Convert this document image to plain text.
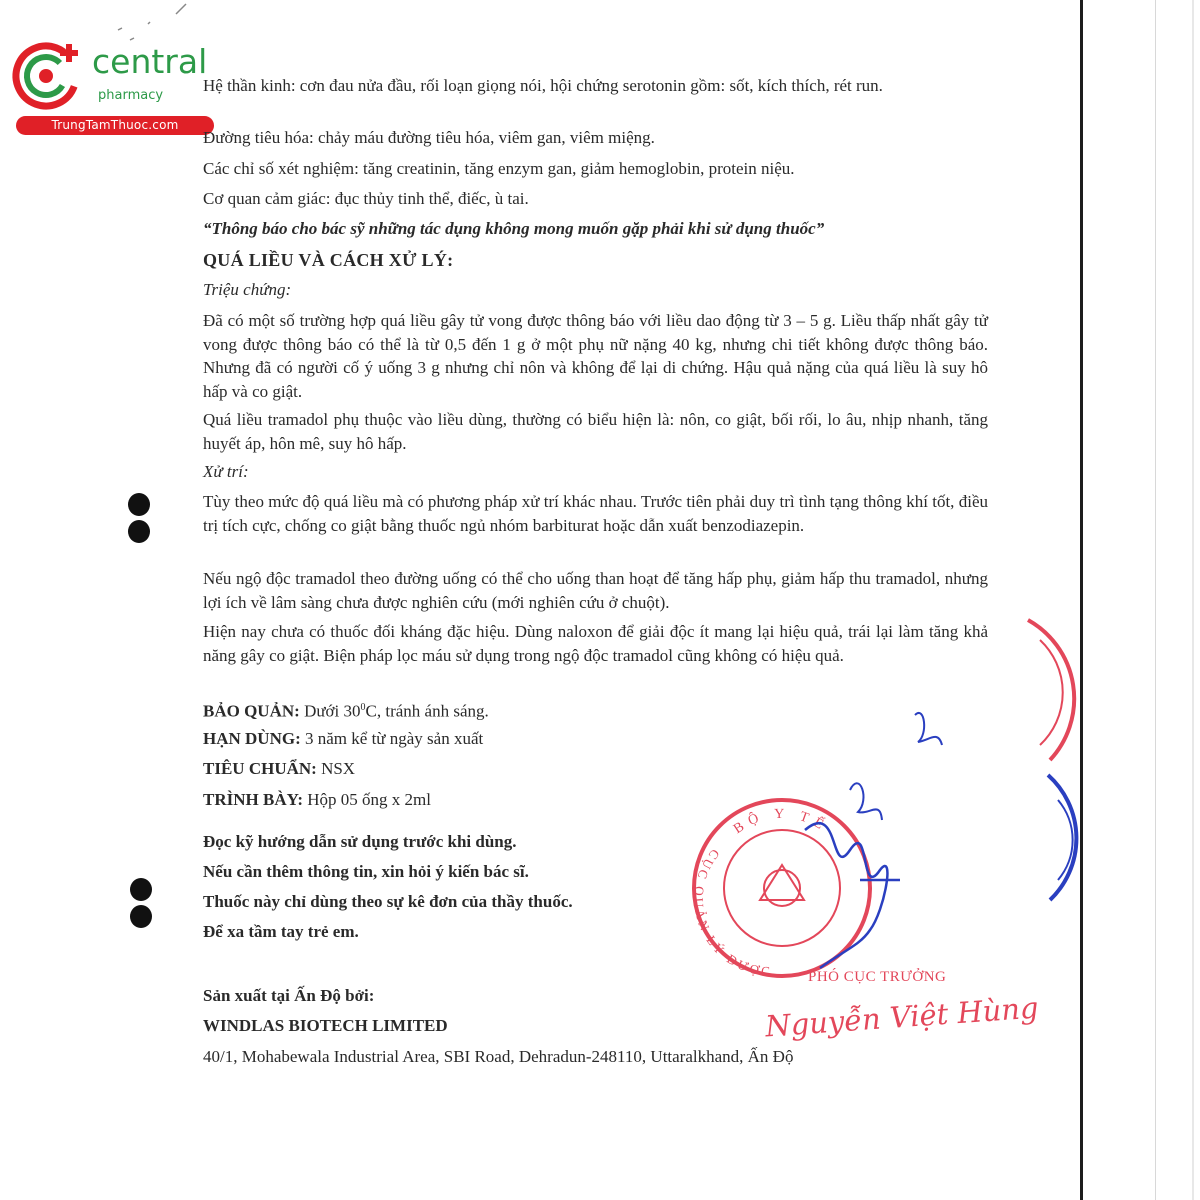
central
pharmacy
TrungTamThuoc.com

Hệ thần kinh: cơn đau nửa đầu, rối loạn giọng nói, hội chứng serotonin gồm: sốt, kích thích, rét run.

Đường tiêu hóa: chảy máu đường tiêu hóa, viêm gan, viêm miệng.

Các chỉ số xét nghiệm: tăng creatinin, tăng enzym gan, giảm hemoglobin, protein niệu.

Cơ quan cảm giác: đục thủy tinh thể, điếc, ù tai.

“Thông báo cho bác sỹ những tác dụng không mong muốn gặp phải khi sử dụng thuốc”

QUÁ LIỀU VÀ CÁCH XỬ LÝ:

Triệu chứng:

Đã có một số trường hợp quá liều gây tử vong được thông báo với liều dao động từ 3 – 5 g. Liều thấp nhất gây tử vong được thông báo có thể là từ 0,5 đến 1 g ở một phụ nữ nặng 40 kg, nhưng chi tiết không được thông báo. Nhưng đã có người cố ý uống 3 g nhưng chỉ nôn và không để lại di chứng. Hậu quả nặng của quá liều là suy hô hấp và co giật.

Quá liều tramadol phụ thuộc vào liều dùng, thường có biểu hiện là: nôn, co giật, bối rối, lo âu, nhịp nhanh, tăng huyết áp, hôn mê, suy hô hấp.

Xử trí:

Tùy theo mức độ quá liều mà có phương pháp xử trí khác nhau. Trước tiên phải duy trì tình tạng thông khí tốt, điều trị tích cực, chống co giật bằng thuốc ngủ nhóm barbiturat hoặc dẫn xuất benzodiazepin.

Nếu ngộ độc tramadol theo đường uống có thể cho uống than hoạt để tăng hấp phụ, giảm hấp thu tramadol, nhưng lợi ích về lâm sàng chưa được nghiên cứu (mới nghiên cứu ở chuột).

Hiện nay chưa có thuốc đối kháng đặc hiệu. Dùng naloxon để giải độc ít mang lại hiệu quả, trái lại làm tăng khả năng gây co giật. Biện pháp lọc máu sử dụng trong ngộ độc tramadol cũng không có hiệu quả.

BẢO QUẢN: Dưới $30^0C$, tránh ánh sáng.

HẠN DÙNG: 3 năm kể từ ngày sản xuất

TIÊU CHUẨN: NSX

TRÌNH BÀY: Hộp 05 ống x 2ml

Đọc kỹ hướng dẫn sử dụng trước khi dùng.

Nếu cần thêm thông tin, xin hỏi ý kiến bác sĩ.

Thuốc này chỉ dùng theo sự kê đơn của thầy thuốc.

Để xa tầm tay trẻ em.

Sản xuất tại Ấn Độ bởi:

WINDLAS BIOTECH LIMITED

40/1, Mohabewala Industrial Area, SBI Road, Dehradun-248110, Uttaralkhand, Ấn Độ

BỘ Y TẾ
CỤC QUẢN LÝ DƯỢC PHÓ CỤC TRƯỞNG
Nguyễn Việt Hùng
